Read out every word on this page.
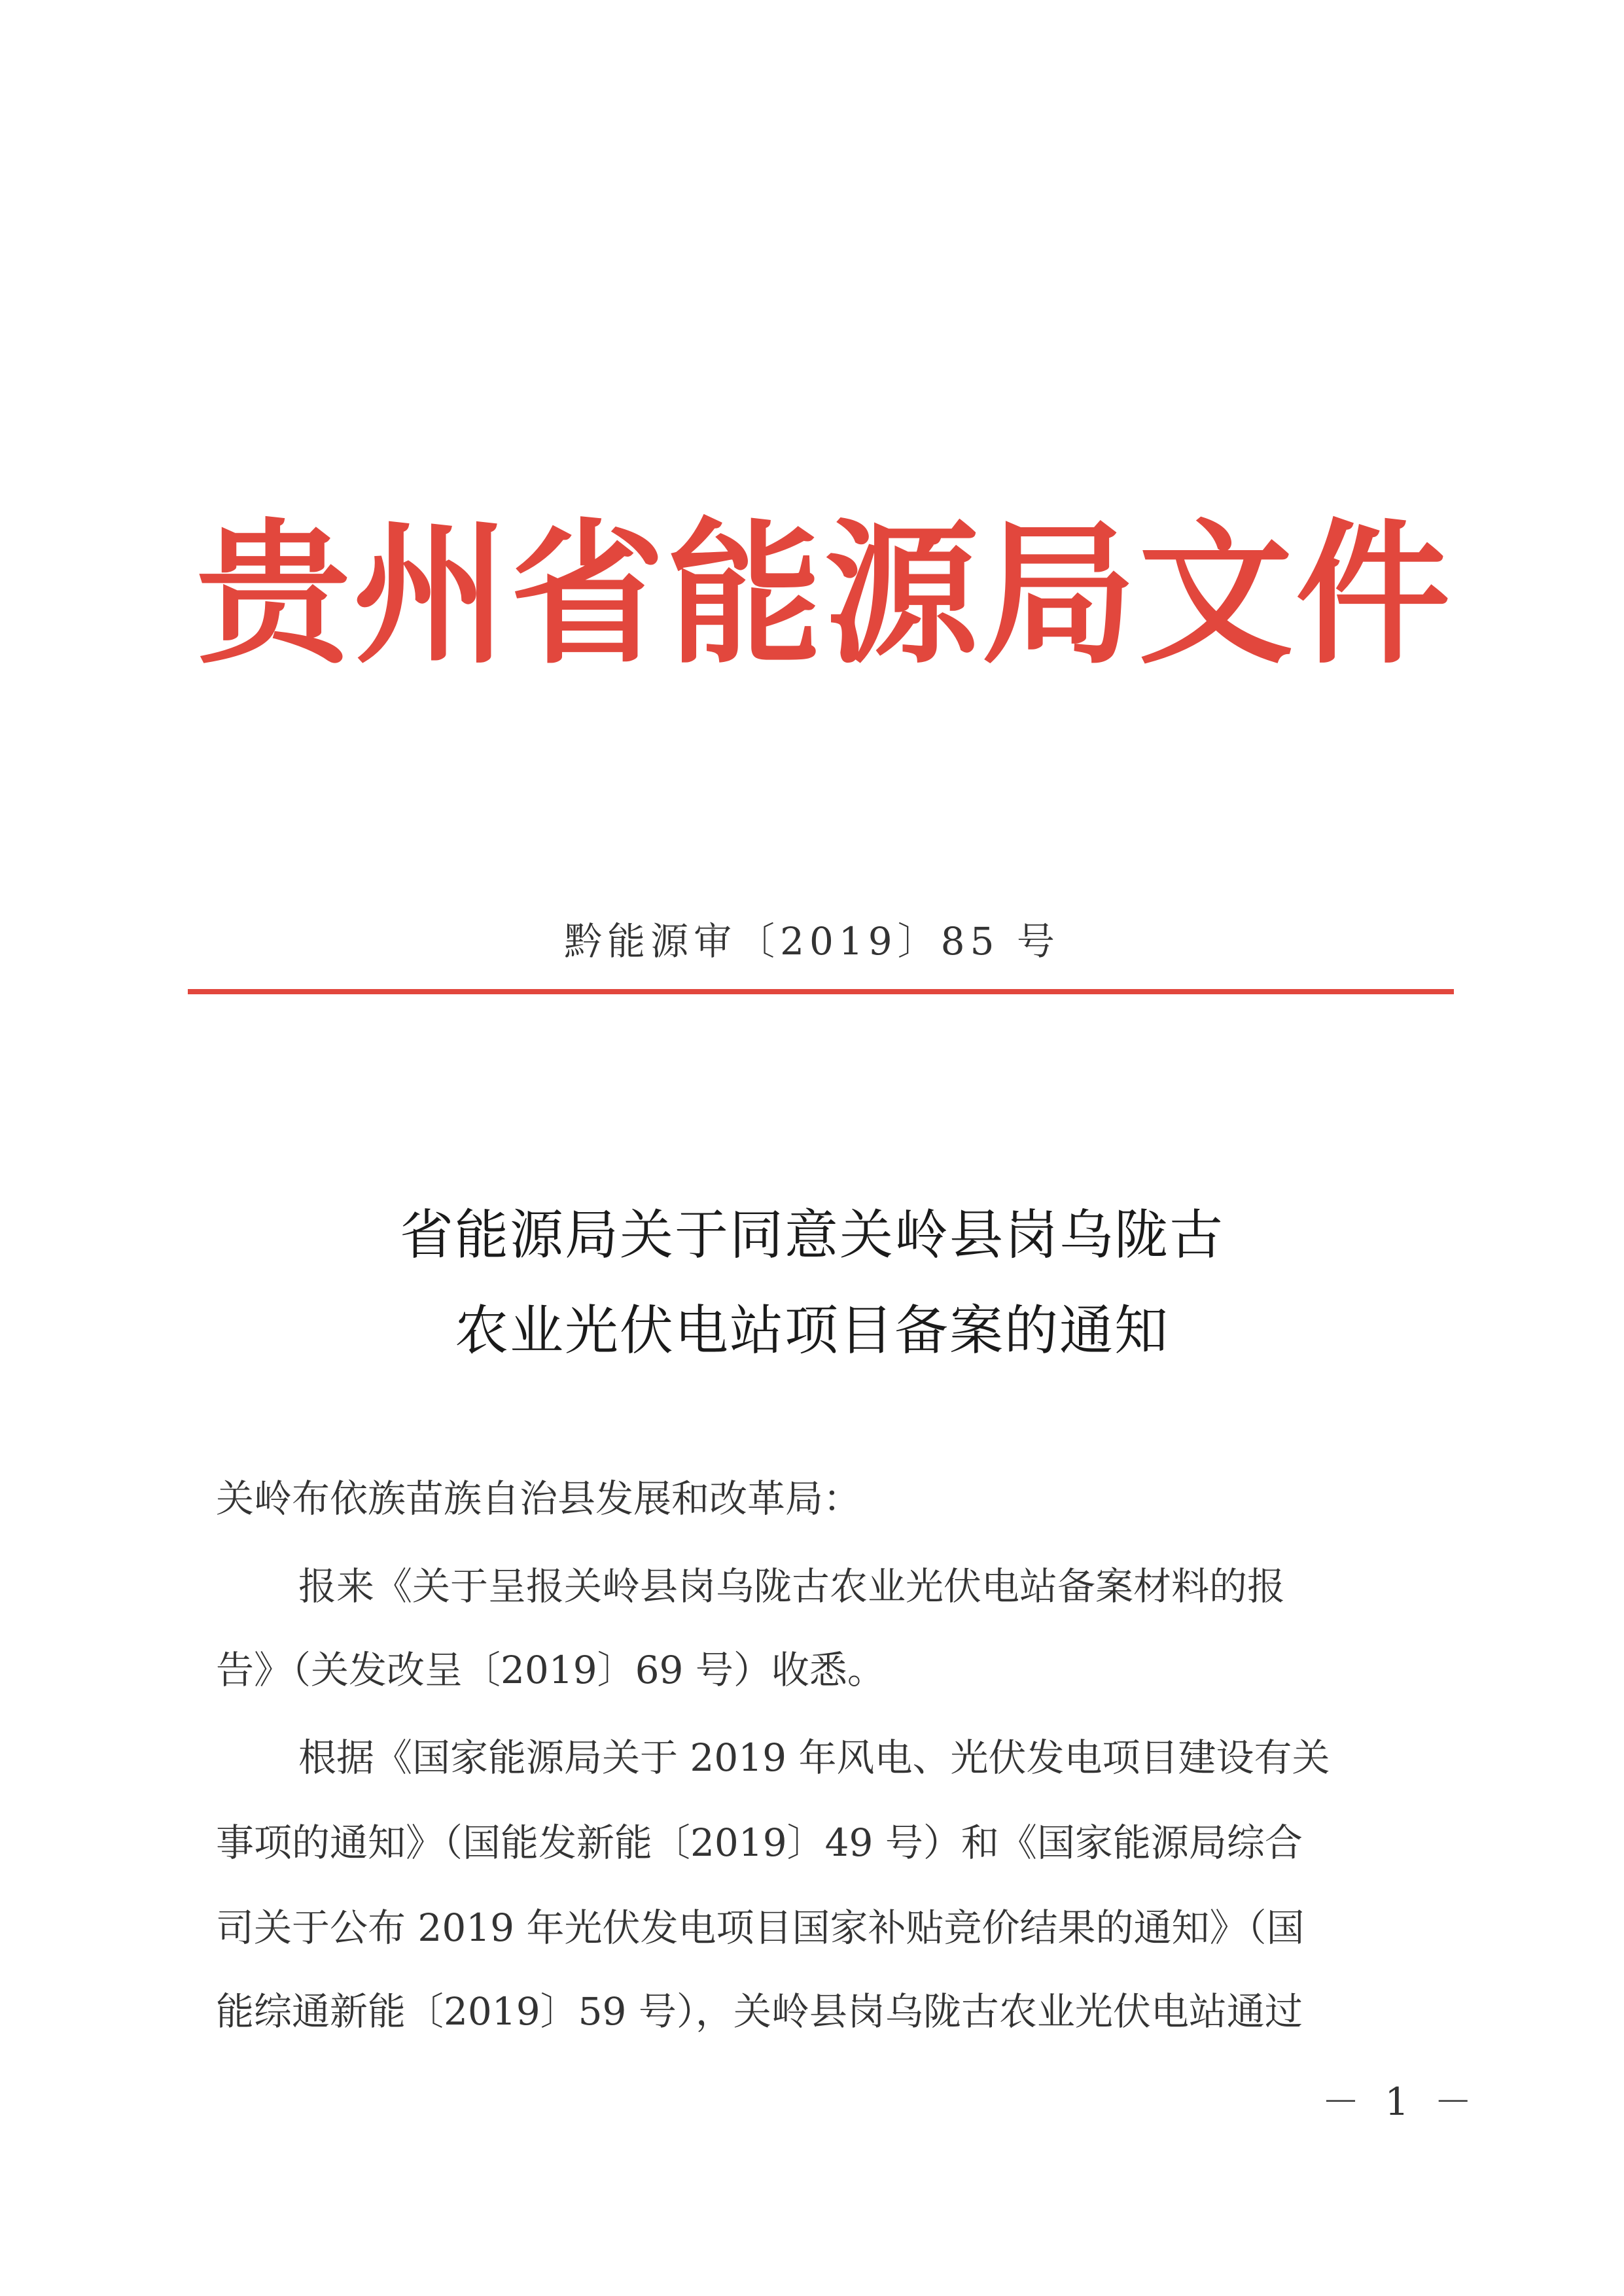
贵州省能源局文件
黔能源审〔2019〕85 号
省能源局关于同意关岭县岗乌陇古
农业光伏电站项目备案的通知
关岭布依族苗族自治县发展和改革局：
报来《关于呈报关岭县岗乌陇古农业光伏电站备案材料的报
告》（关发改呈〔2019〕69 号）收悉。
根据《国家能源局关于 2019 年风电、光伏发电项目建设有关
事项的通知》（国能发新能〔2019〕49 号）和《国家能源局综合
司关于公布 2019 年光伏发电项目国家补贴竞价结果的通知》（国
能综通新能〔2019〕59 号），关岭县岗乌陇古农业光伏电站通过
－ 1 －
